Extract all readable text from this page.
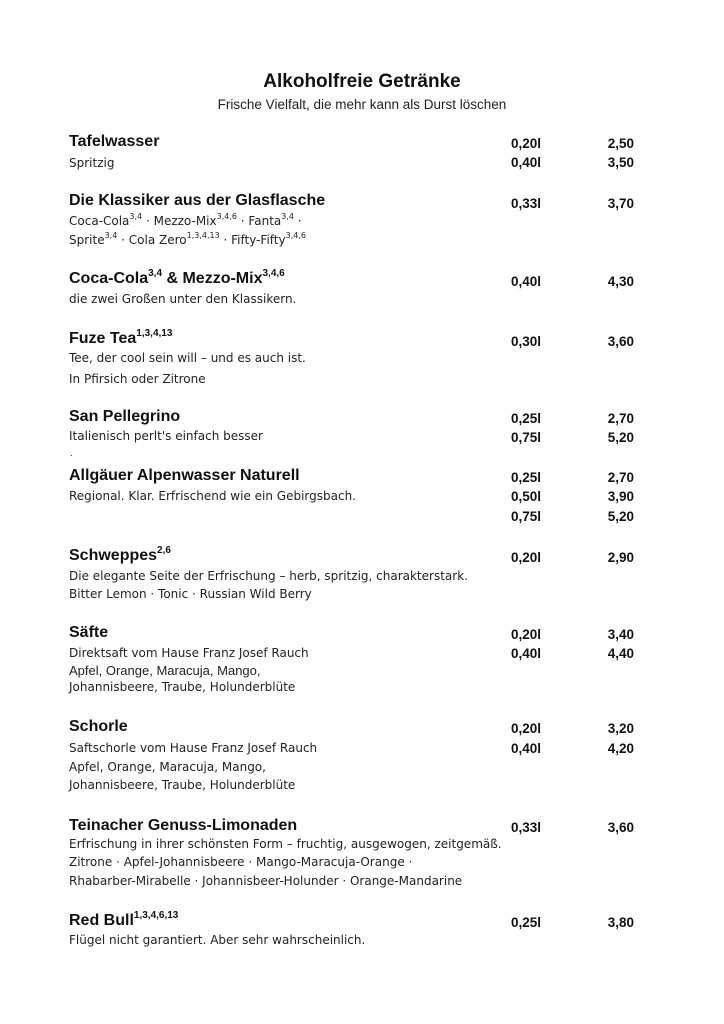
Alkoholfreie Getränke
Frische Vielfalt, die mehr kann als Durst löschen
Tafelwasser
Spritzig
0,20l	2,50
0,40l	3,50
Die Klassiker aus der Glasflasche
Coca-Cola$^{3,4}$ · Mezzo-Mix$^{3,4,6}$ · Fanta$^{3,4}$ ·
Sprite$^{3,4}$ · Cola Zero$^{1,3,4,13}$ · Fifty-Fifty$^{3,4,6}$
0,33l	3,70
Coca-Cola$^{3,4}$ & Mezzo-Mix$^{3,4,6}$
die zwei Großen unter den Klassikern.
0,40l	4,30
Fuze Tea$^{1,3,4,13}$
Tee, der cool sein will – und es auch ist.
In Pfirsich oder Zitrone
0,30l	3,60
San Pellegrino
Italienisch perlt's einfach besser
.
0,25l	2,70
0,75l	5,20
Allgäuer Alpenwasser Naturell
Regional. Klar. Erfrischend wie ein Gebirgsbach.
0,25l	2,70
0,50l	3,90
0,75l	5,20
Schweppes$^{2,6}$
Die elegante Seite der Erfrischung – herb, spritzig, charakterstark.
Bitter Lemon · Tonic · Russian Wild Berry
0,20l	2,90
Säfte
Direktsaft vom Hause Franz Josef Rauch
Apfel, Orange, Maracuja, Mango,
Johannisbeere, Traube, Holunderblüte
0,20l	3,40
0,40l	4,40
Schorle
Saftschorle vom Hause Franz Josef Rauch
Apfel, Orange, Maracuja, Mango,
Johannisbeere, Traube, Holunderblüte
0,20l	3,20
0,40l	4,20
Teinacher Genuss-Limonaden
Erfrischung in ihrer schönsten Form – fruchtig, ausgewogen, zeitgemäß.
Zitrone · Apfel-Johannisbeere · Mango-Maracuja-Orange ·
Rhabarber-Mirabelle · Johannisbeer-Holunder · Orange-Mandarine
0,33l	3,60
Red Bull$^{1,3,4,6,13}$
Flügel nicht garantiert. Aber sehr wahrscheinlich.
0,25l	3,80
